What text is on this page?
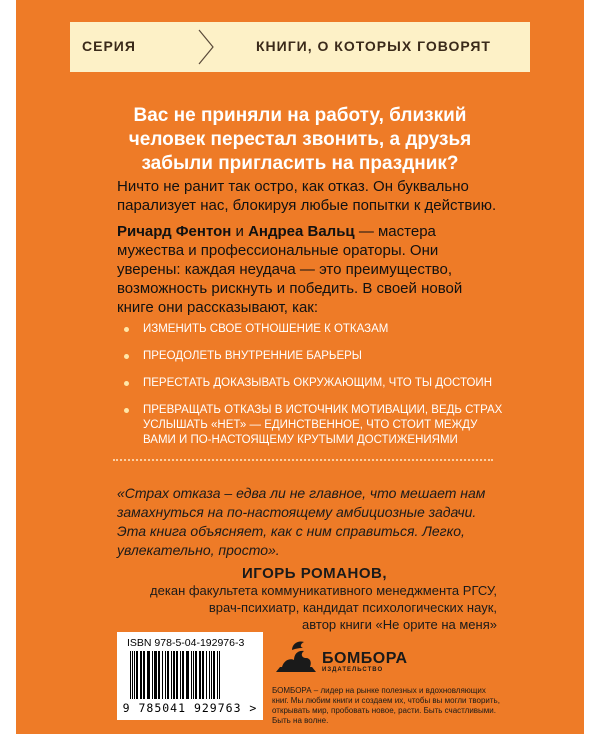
СЕРИЯ	КНИГИ, О КОТОРЫХ ГОВОРЯТ
Вас не приняли на работу, близкий человек перестал звонить, а друзья забыли пригласить на праздник?
Ничто не ранит так остро, как отказ. Он буквально парализует нас, блокируя любые попытки к действию.
Ричард Фентон и Андреа Вальц — мастера мужества и профессиональные ораторы. Они уверены: каждая неудача — это преимущество, возможность рискнуть и победить. В своей новой книге они рассказывают, как:
ИЗМЕНИТЬ СВОЕ ОТНОШЕНИЕ К ОТКАЗАМ
ПРЕОДОЛЕТЬ ВНУТРЕННИЕ БАРЬЕРЫ
ПЕРЕСТАТЬ ДОКАЗЫВАТЬ ОКРУЖАЮЩИМ, ЧТО ТЫ ДОСТОИН
ПРЕВРАЩАТЬ ОТКАЗЫ В ИСТОЧНИК МОТИВАЦИИ, ВЕДЬ СТРАХ УСЛЫШАТЬ «НЕТ» — ЕДИНСТВЕННОЕ, ЧТО СТОИТ МЕЖДУ ВАМИ И ПО-НАСТОЯЩЕМУ КРУТЫМИ ДОСТИЖЕНИЯМИ
«Страх отказа – едва ли не главное, что мешает нам замахнуться на по-настоящему амбициозные задачи. Эта книга объясняет, как с ним справиться. Легко, увлекательно, просто».
ИГОРЬ РОМАНОВ,
декан факультета коммуникативного менеджмента РГСУ,
врач-психиатр, кандидат психологических наук,
автор книги «Не орите на меня»
ISBN 978-5-04-192976-3
9 785041 929763 >
БОМБОРА
ИЗДАТЕЛЬСТВО
БОМБОРА – лидер на рынке полезных и вдохновляющих книг. Мы любим книги и создаем их, чтобы вы могли творить, открывать мир, пробовать новое, расти. Быть счастливыми. Быть на волне.
